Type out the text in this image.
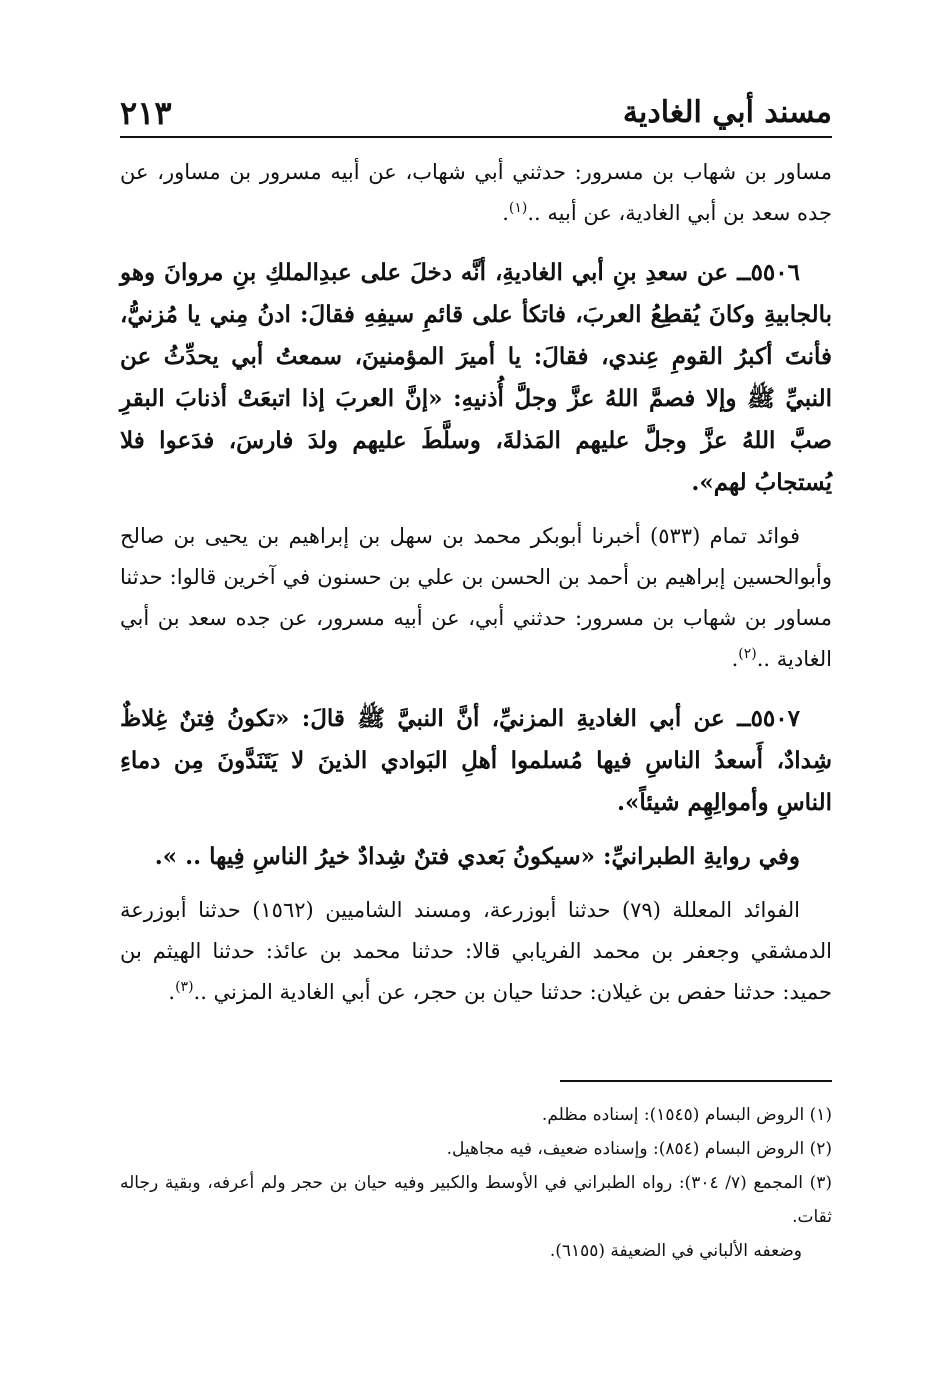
مسند أبي الغادية
٢١٣

مساور بن شهاب بن مسرور: حدثني أبي شهاب، عن أبيه مسرور بن مساور، عن جده سعد بن أبي الغادية، عن أبيه ..$^{(١)}$.

٥٥٠٦ــ عن سعدِ بنِ أبي الغاديةِ، أنَّه دخلَ على عبدِالملكِ بنِ مروانَ وهو بالجابيةِ وكانَ يُقطِعُ العربَ، فاتكأ على قائمِ سيفِهِ فقالَ: ادنُ مِني يا مُزنيُّ، فأنتَ أكبرُ القومِ عِندي، فقالَ: يا أميرَ المؤمنينَ، سمعتُ أبي يحدِّثُ عن النبيِّ ﷺ وإلا فصمَّ اللهُ عزَّ وجلَّ أُذنيهِ: «إنَّ العربَ إذا اتبعَتْ أذنابَ البقرِ صبَّ اللهُ عزَّ وجلَّ عليهم المَذلةَ، وسلَّطَ عليهم ولدَ فارسَ، فدَعوا فلا يُستجابُ لهم».

فوائد تمام (٥٣٣) أخبرنا أبوبكر محمد بن سهل بن إبراهيم بن يحيى بن صالح وأبوالحسين إبراهيم بن أحمد بن الحسن بن علي بن حسنون في آخرين قالوا: حدثنا مساور بن شهاب بن مسرور: حدثني أبي، عن أبيه مسرور، عن جده سعد بن أبي الغادية ..$^{(٢)}$.

٥٥٠٧ــ عن أبي الغاديةِ المزنيِّ، أنَّ النبيَّ ﷺ قالَ: «تكونُ فِتنٌ غِلاظٌ شِدادٌ، أَسعدُ الناسِ فيها مُسلموا أهلِ البَوادي الذينَ لا يَتَنَدَّونَ مِن دماءِ الناسِ وأموالِهِم شيئاً».

وفي روايةِ الطبرانيِّ: «سيكونُ بَعدي فتنٌ شِدادٌ خيرُ الناسِ فِيها .. ».

الفوائد المعللة (٧٩) حدثنا أبوزرعة، ومسند الشاميين (١٥٦٢) حدثنا أبوزرعة الدمشقي وجعفر بن محمد الفريابي قالا: حدثنا محمد بن عائذ: حدثنا الهيثم بن حميد: حدثنا حفص بن غيلان: حدثنا حيان بن حجر، عن أبي الغادية المزني ..$^{(٣)}$.

(١) الروض البسام (١٥٤٥): إسناده مظلم.

(٢) الروض البسام (٨٥٤): وإسناده ضعيف، فيه مجاهيل.

(٣) المجمع (٧/ ٣٠٤): رواه الطبراني في الأوسط والكبير وفيه حيان بن حجر ولم أعرفه، وبقية رجاله ثقات.

وضعفه الألباني في الضعيفة (٦١٥٥).
